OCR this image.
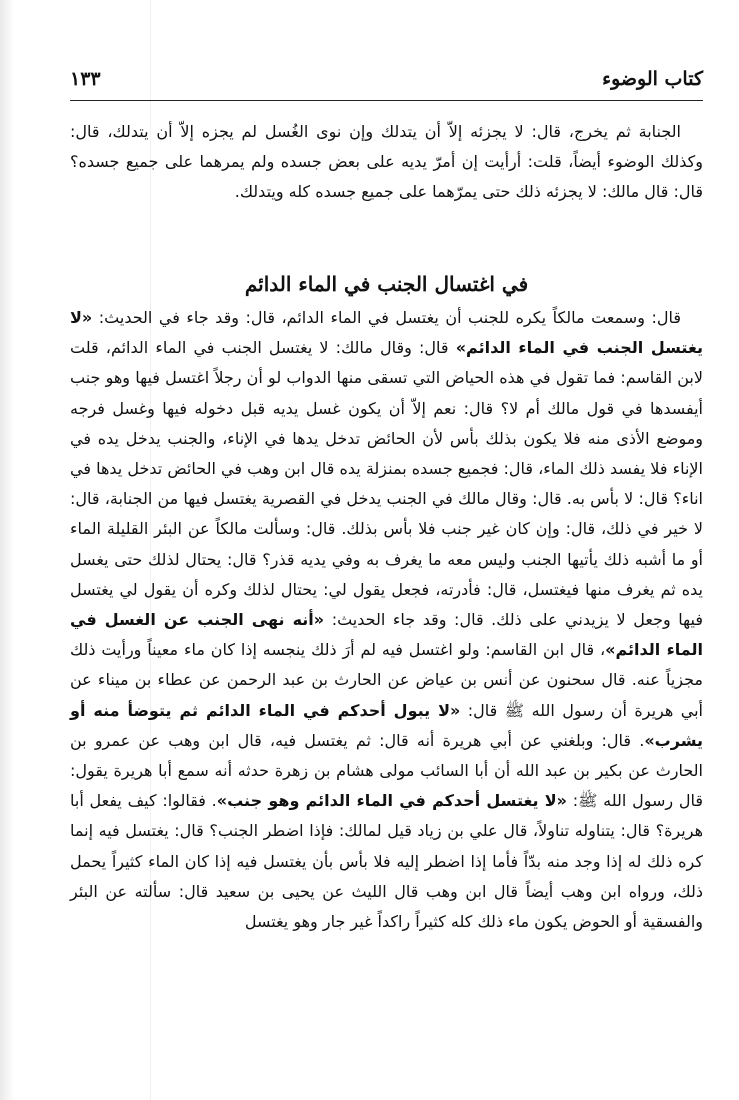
كتاب الوضوء
١٣٣

الجنابة ثم يخرج، قال: لا يجزئه إلاّ أن يتدلك وإن نوى الغُسل لم يجزه إلاّ أن يتدلك، قال: وكذلك الوضوء أيضاً، قلت: أرأيت إن أمرّ يديه على بعض جسده ولم يمرهما على جميع جسده؟ قال: قال مالك: لا يجزئه ذلك حتى يمرّهما على جميع جسده كله ويتدلك.

في اغتسال الجنب في الماء الدائم

قال: وسمعت مالكاً يكره للجنب أن يغتسل في الماء الدائم، قال: وقد جاء في الحديث: «لا يغتسل الجنب في الماء الدائم» قال: وقال مالك: لا يغتسل الجنب في الماء الدائم، قلت لابن القاسم: فما تقول في هذه الحياض التي تسقى منها الدواب لو أن رجلاً اغتسل فيها وهو جنب أيفسدها في قول مالك أم لا؟ قال: نعم إلاّ أن يكون غسل يديه قبل دخوله فيها وغسل فرجه وموضع الأذى منه فلا يكون بذلك بأس لأن الحائض تدخل يدها في الإناء، والجنب يدخل يده في الإناء فلا يفسد ذلك الماء، قال: فجميع جسده بمنزلة يده قال ابن وهب في الحائض تدخل يدها في اناء؟ قال: لا بأس به. قال: وقال مالك في الجنب يدخل في القصرية يغتسل فيها من الجنابة، قال: لا خير في ذلك، قال: وإن كان غير جنب فلا بأس بذلك. قال: وسألت مالكاً عن البئر القليلة الماء أو ما أشبه ذلك يأتيها الجنب وليس معه ما يغرف به وفي يديه قذر؟ قال: يحتال لذلك حتى يغسل يده ثم يغرف منها فيغتسل، قال: فأدرته، فجعل يقول لي: يحتال لذلك وكره أن يقول لي يغتسل فيها وجعل لا يزيدني على ذلك. قال: وقد جاء الحديث: «أنه نهى الجنب عن الغسل في الماء الدائم»، قال ابن القاسم: ولو اغتسل فيه لم أرَ ذلك ينجسه إذا كان ماء معيناً ورأيت ذلك مجزياً عنه. قال سحنون عن أنس بن عياض عن الحارث بن عبد الرحمن عن عطاء بن ميناء عن أبي هريرة أن رسول الله ﷺ قال: «لا يبول أحدكم في الماء الدائم ثم يتوضأ منه أو يشرب». قال: وبلغني عن أبي هريرة أنه قال: ثم يغتسل فيه، قال ابن وهب عن عمرو بن الحارث عن بكير بن عبد الله أن أبا السائب مولى هشام بن زهرة حدثه أنه سمع أبا هريرة يقول: قال رسول الله ﷺ: «لا يغتسل أحدكم في الماء الدائم وهو جنب». فقالوا: كيف يفعل أبا هريرة؟ قال: يتناوله تناولاً، قال علي بن زياد قيل لمالك: فإذا اضطر الجنب؟ قال: يغتسل فيه إنما كره ذلك له إذا وجد منه بدّاً فأما إذا اضطر إليه فلا بأس بأن يغتسل فيه إذا كان الماء كثيراً يحمل ذلك، ورواه ابن وهب أيضاً قال ابن وهب قال الليث عن يحيى بن سعيد قال: سألته عن البئر والفسقية أو الحوض يكون ماء ذلك كله كثيراً راكداً غير جار وهو يغتسل
